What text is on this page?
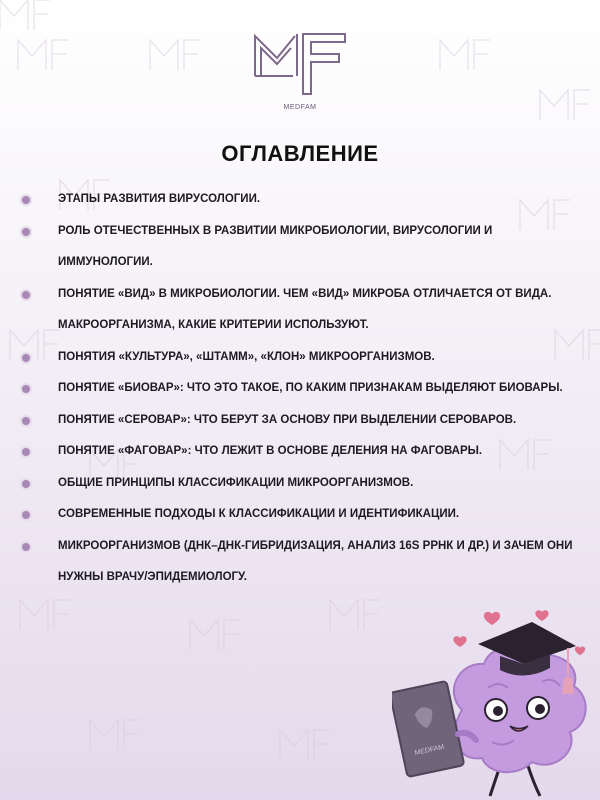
MEDFAM
ОГЛАВЛЕНИЕ
ЭТАПЫ РАЗВИТИЯ ВИРУСОЛОГИИ.
РОЛЬ ОТЕЧЕСТВЕННЫХ В РАЗВИТИИ МИКРОБИОЛОГИИ, ВИРУСОЛОГИИ И
ИММУНОЛОГИИ.
ПОНЯТИЕ «ВИД» В МИКРОБИОЛОГИИ. ЧЕМ «ВИД» МИКРОБА ОТЛИЧАЕТСЯ ОТ ВИДА.
МАКРООРГАНИЗМА, КАКИЕ КРИТЕРИИ ИСПОЛЬЗУЮТ.
ПОНЯТИЯ «КУЛЬТУРА», «ШТАММ», «КЛОН» МИКРООРГАНИЗМОВ.
ПОНЯТИЕ «БИОВАР»: ЧТО ЭТО ТАКОЕ, ПО КАКИМ ПРИЗНАКАМ ВЫДЕЛЯЮТ БИОВАРЫ.
ПОНЯТИЕ «СЕРОВАР»: ЧТО БЕРУТ ЗА ОСНОВУ ПРИ ВЫДЕЛЕНИИ СЕРОВАРОВ.
ПОНЯТИЕ «ФАГОВАР»: ЧТО ЛЕЖИТ В ОСНОВЕ ДЕЛЕНИЯ НА ФАГОВАРЫ.
ОБЩИЕ ПРИНЦИПЫ КЛАССИФИКАЦИИ МИКРООРГАНИЗМОВ.
СОВРЕМЕННЫЕ ПОДХОДЫ К КЛАССИФИКАЦИИ И ИДЕНТИФИКАЦИИ.
МИКРООРГАНИЗМОВ (ДНК–ДНК-ГИБРИДИЗАЦИЯ, АНАЛИЗ 16S РРНК И ДР.) И ЗАЧЕМ ОНИ
НУЖНЫ ВРАЧУ/ЭПИДЕМИОЛОГУ.
MEDFAM
